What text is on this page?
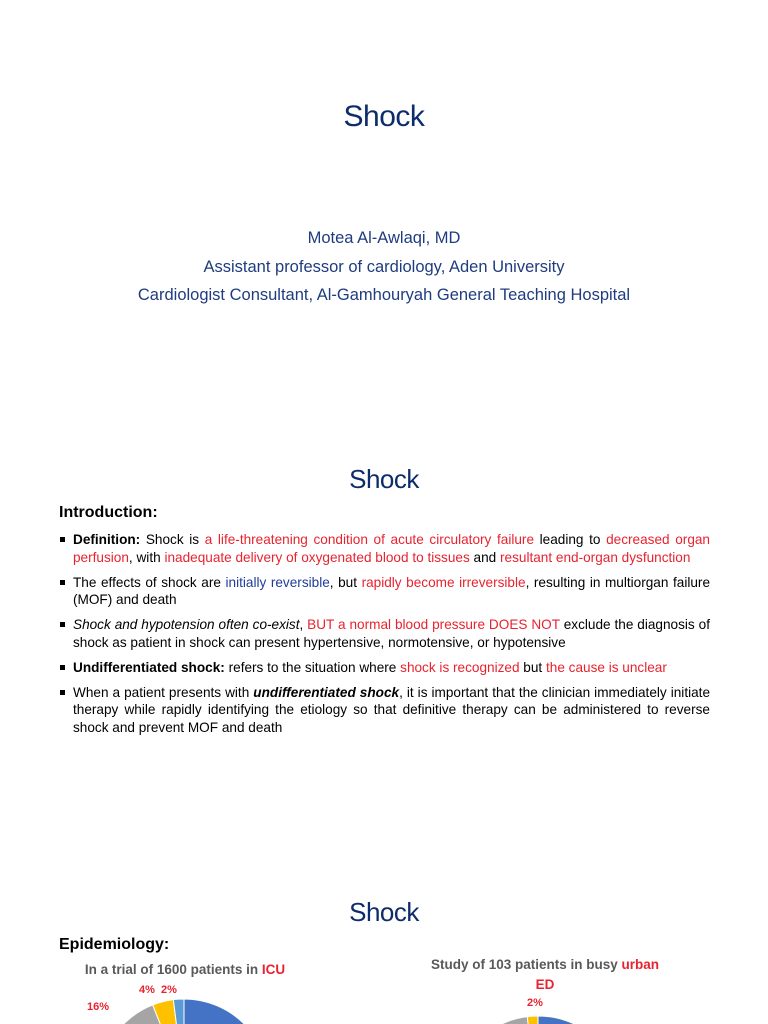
Shock
Motea Al-Awlaqi, MD
Assistant professor of cardiology, Aden University
Cardiologist Consultant, Al-Gamhouryah General Teaching Hospital
Shock
Introduction:
Definition: Shock is a life-threatening condition of acute circulatory failure leading to decreased organ perfusion, with inadequate delivery of oxygenated blood to tissues and resultant end-organ dysfunction
The effects of shock are initially reversible, but rapidly become irreversible, resulting in multiorgan failure (MOF) and death
Shock and hypotension often co-exist, BUT a normal blood pressure DOES NOT exclude the diagnosis of shock as patient in shock can present hypertensive, normotensive, or hypotensive
Undifferentiated shock: refers to the situation where shock is recognized but the cause is unclear
When a patient presents with undifferentiated shock, it is important that the clinician immediately initiate therapy while rapidly identifying the etiology so that definitive therapy can be administered to reverse shock and prevent MOF and death
Shock
Epidemiology:
In a trial of 1600 patients in ICU	Study of 103 patients in busy urban ED
16%
4% 2%
2%
